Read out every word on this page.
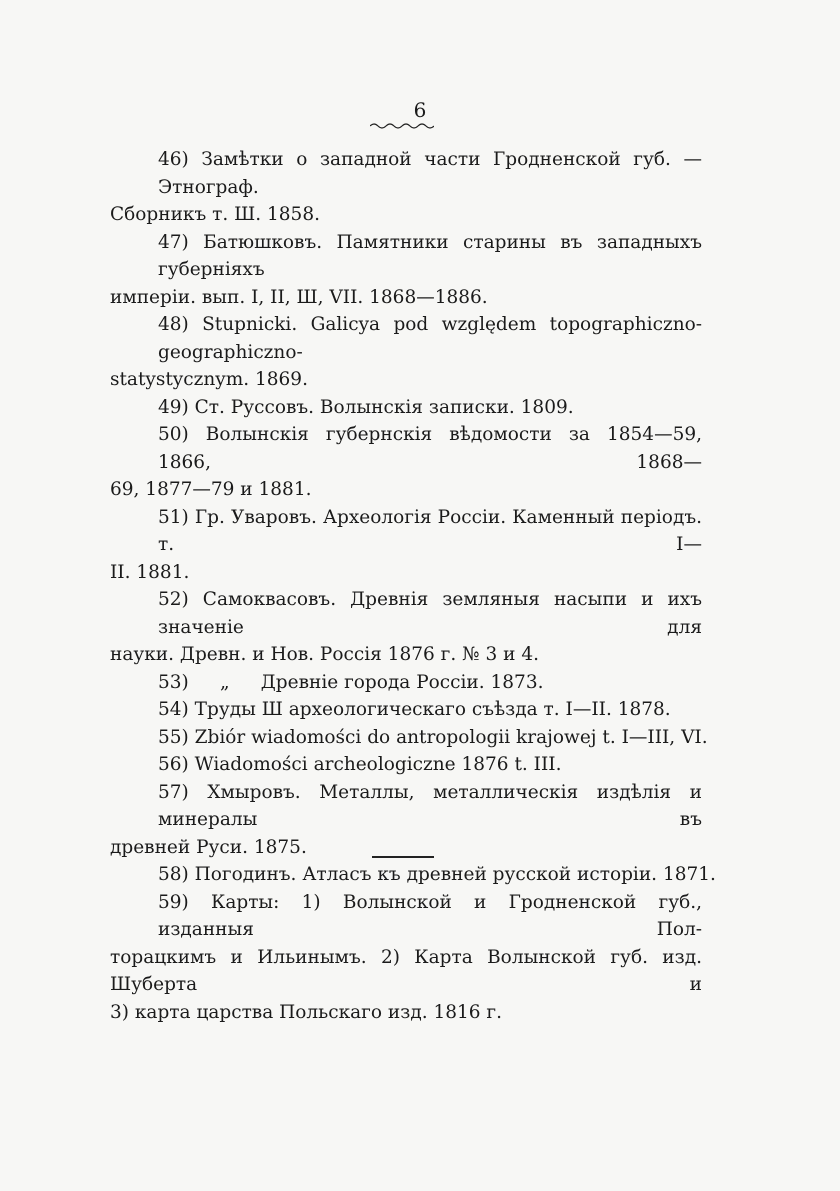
6

46) Замѣтки о западной части Гродненской губ. — Этнограф.
Сборникъ т. Ш. 1858.

47) Батюшковъ. Памятники старины въ западныхъ губерніяхъ
имперіи. вып. I, II, Ш, VII. 1868—1886.

48) Stupnicki. Galicya pod względem topographiczno-geographiczno-
statystycznym. 1869.

49) Ст. Руссовъ. Волынскія записки. 1809.

50) Волынскія губернскія вѣдомости за 1854—59, 1866, 1868—
69, 1877—79 и 1881.

51) Гр. Уваровъ. Археологія Россіи. Каменный періодъ. т. I—
II. 1881.

52) Самоквасовъ. Древнія земляныя насыпи и ихъ значеніе для
науки. Древн. и Нов. Россія 1876 г. № 3 и 4.

53) „ Древніе города Россіи. 1873.

54) Труды Ш археологическаго съѣзда т. I—II. 1878.

55) Zbiór wiadomości do antropologii krajowej t. I—III, VI.

56) Wiadomości archeologiczne 1876 t. III.

57) Хмыровъ. Металлы, металлическія издѣлія и минералы въ
древней Руси. 1875.

58) Погодинъ. Атласъ къ древней русской исторіи. 1871.

59) Карты: 1) Волынской и Гродненской губ., изданныя Пол-
торацкимъ и Ильинымъ. 2) Карта Волынской губ. изд. Шуберта и
3) карта царства Польскаго изд. 1816 г.
